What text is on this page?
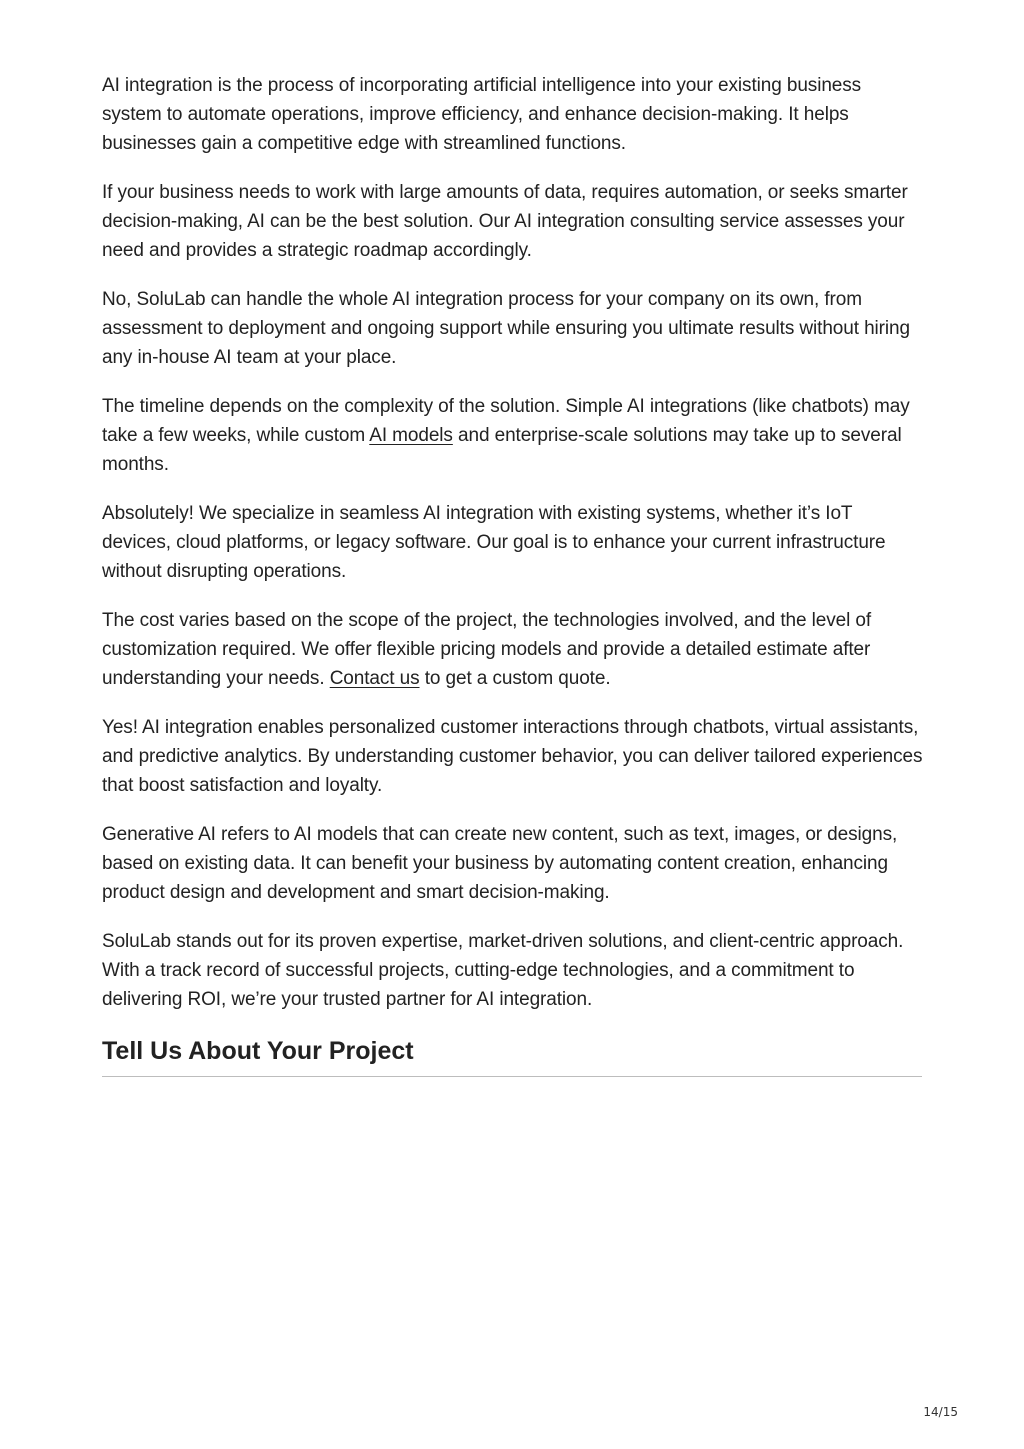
AI integration is the process of incorporating artificial intelligence into your existing business system to automate operations, improve efficiency, and enhance decision-making. It helps businesses gain a competitive edge with streamlined functions.

If your business needs to work with large amounts of data, requires automation, or seeks smarter decision-making, AI can be the best solution. Our AI integration consulting service assesses your need and provides a strategic roadmap accordingly.

No, SoluLab can handle the whole AI integration process for your company on its own, from assessment to deployment and ongoing support while ensuring you ultimate results without hiring any in-house AI team at your place.

The timeline depends on the complexity of the solution. Simple AI integrations (like chatbots) may take a few weeks, while custom AI models and enterprise-scale solutions may take up to several months.

Absolutely! We specialize in seamless AI integration with existing systems, whether it’s IoT devices, cloud platforms, or legacy software. Our goal is to enhance your current infrastructure without disrupting operations.

The cost varies based on the scope of the project, the technologies involved, and the level of customization required. We offer flexible pricing models and provide a detailed estimate after understanding your needs. Contact us to get a custom quote.

Yes! AI integration enables personalized customer interactions through chatbots, virtual assistants, and predictive analytics. By understanding customer behavior, you can deliver tailored experiences that boost satisfaction and loyalty.

Generative AI refers to AI models that can create new content, such as text, images, or designs, based on existing data. It can benefit your business by automating content creation, enhancing product design and development and smart decision-making.

SoluLab stands out for its proven expertise, market-driven solutions, and client-centric approach. With a track record of successful projects, cutting-edge technologies, and a commitment to delivering ROI, we’re your trusted partner for AI integration.

Tell Us About Your Project
14/15
